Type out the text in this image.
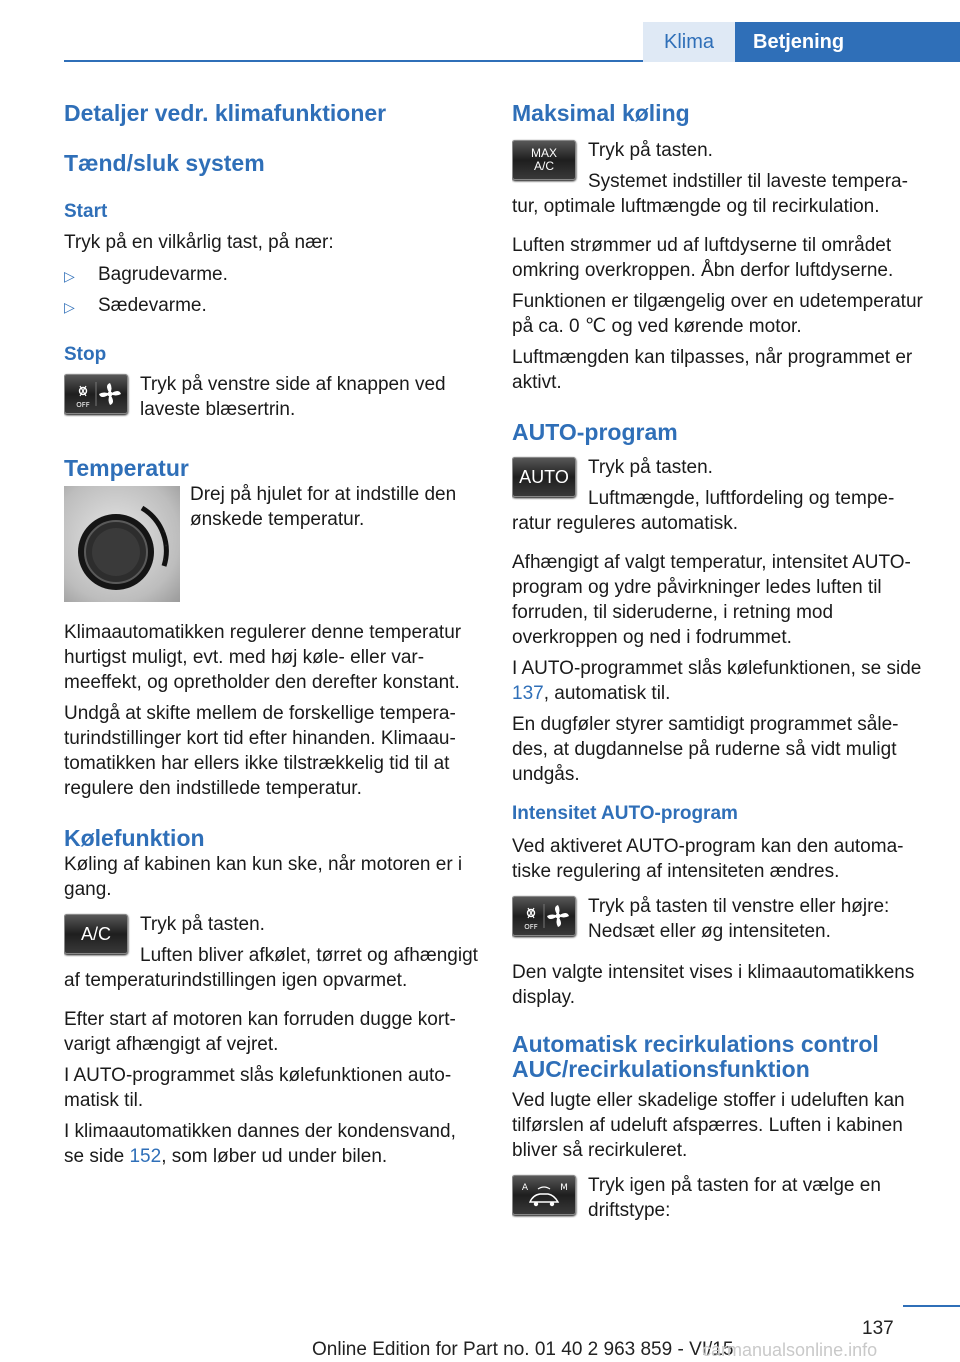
Klima	Betjening
Detaljer vedr. klimafunktioner
Tænd/sluk system
Start

Tryk på en vilkårlig tast, på nær:

▷ Bagrudevarme.
▷ Sædevarme.
Stop
OFF

Tryk på venstre side af knappen ved laveste blæsertrin.

Temperatur
•
•
•

Drej på hjulet for at indstille den ønskede temperatur.

Klimaautomatikken regulerer denne temperatur hurtigst muligt, evt. med høj køle- eller varmeeffekt, og opretholder den derefter konstant.

Undgå at skifte mellem de forskellige temperaturindstillinger kort tid efter hinanden. Klimaautomatikken har ellers ikke tilstrækkelig tid til at regulere den indstillede temperatur.

Kølefunktion

Køling af kabinen kan kun ske, når motoren er i gang.

A/C	Tryk på tasten.

Luften bliver afkølet, tørret og afhængigt af temperaturindstillingen igen opvarmet.

Efter start af motoren kan forruden dugge kortvarigt afhængigt af vejret.

I AUTO-programmet slås kølefunktionen automatisk til.

I klimaautomatikken dannes der kondensvand, se side 152, som løber ud under bilen.

Maksimal køling
MAX
A/C

Tryk på tasten.

Systemet indstiller til laveste temperatur, optimale luftmængde og til recirkulation.

Luften strømmer ud af luftdyserne til området omkring overkroppen. Åbn derfor luftdyserne.

Funktionen er tilgængelig over en udetemperatur på ca. 0 ℃ og ved kørende motor.

Luftmængden kan tilpasses, når programmet er aktivt.

AUTO-program
AUTO	Tryk på tasten.

Luftmængde, luftfordeling og temperatur reguleres automatisk.

Afhængigt af valgt temperatur, intensitet AUTO-program og ydre påvirkninger ledes luften til forruden, til sideruderne, i retning mod overkroppen og ned i fodrummet.

I AUTO-programmet slås kølefunktionen, se side 137, automatisk til.

En dugføler styrer samtidigt programmet således, at dugdannelse på ruderne så vidt muligt undgås.

Intensitet AUTO-program

Ved aktiveret AUTO-program kan den automatiske regulering af intensiteten ændres.

OFF

Tryk på tasten til venstre eller højre: Nedsæt eller øg intensiteten.

Den valgte intensitet vises i klimaautomatikkens display.

Automatisk recirkulations control AUC/recirkulationsfunktion

Ved lugte eller skadelige stoffer i udeluften kan tilførslen af udeluft afspærres. Luften i kabinen bliver så recirkuleret.

A	M	Tryk igen på tasten for at vælge en driftstype:

137
Online Edition for Part no. 01 40 2 963 859 - VI/15
carmanualsonline.info
